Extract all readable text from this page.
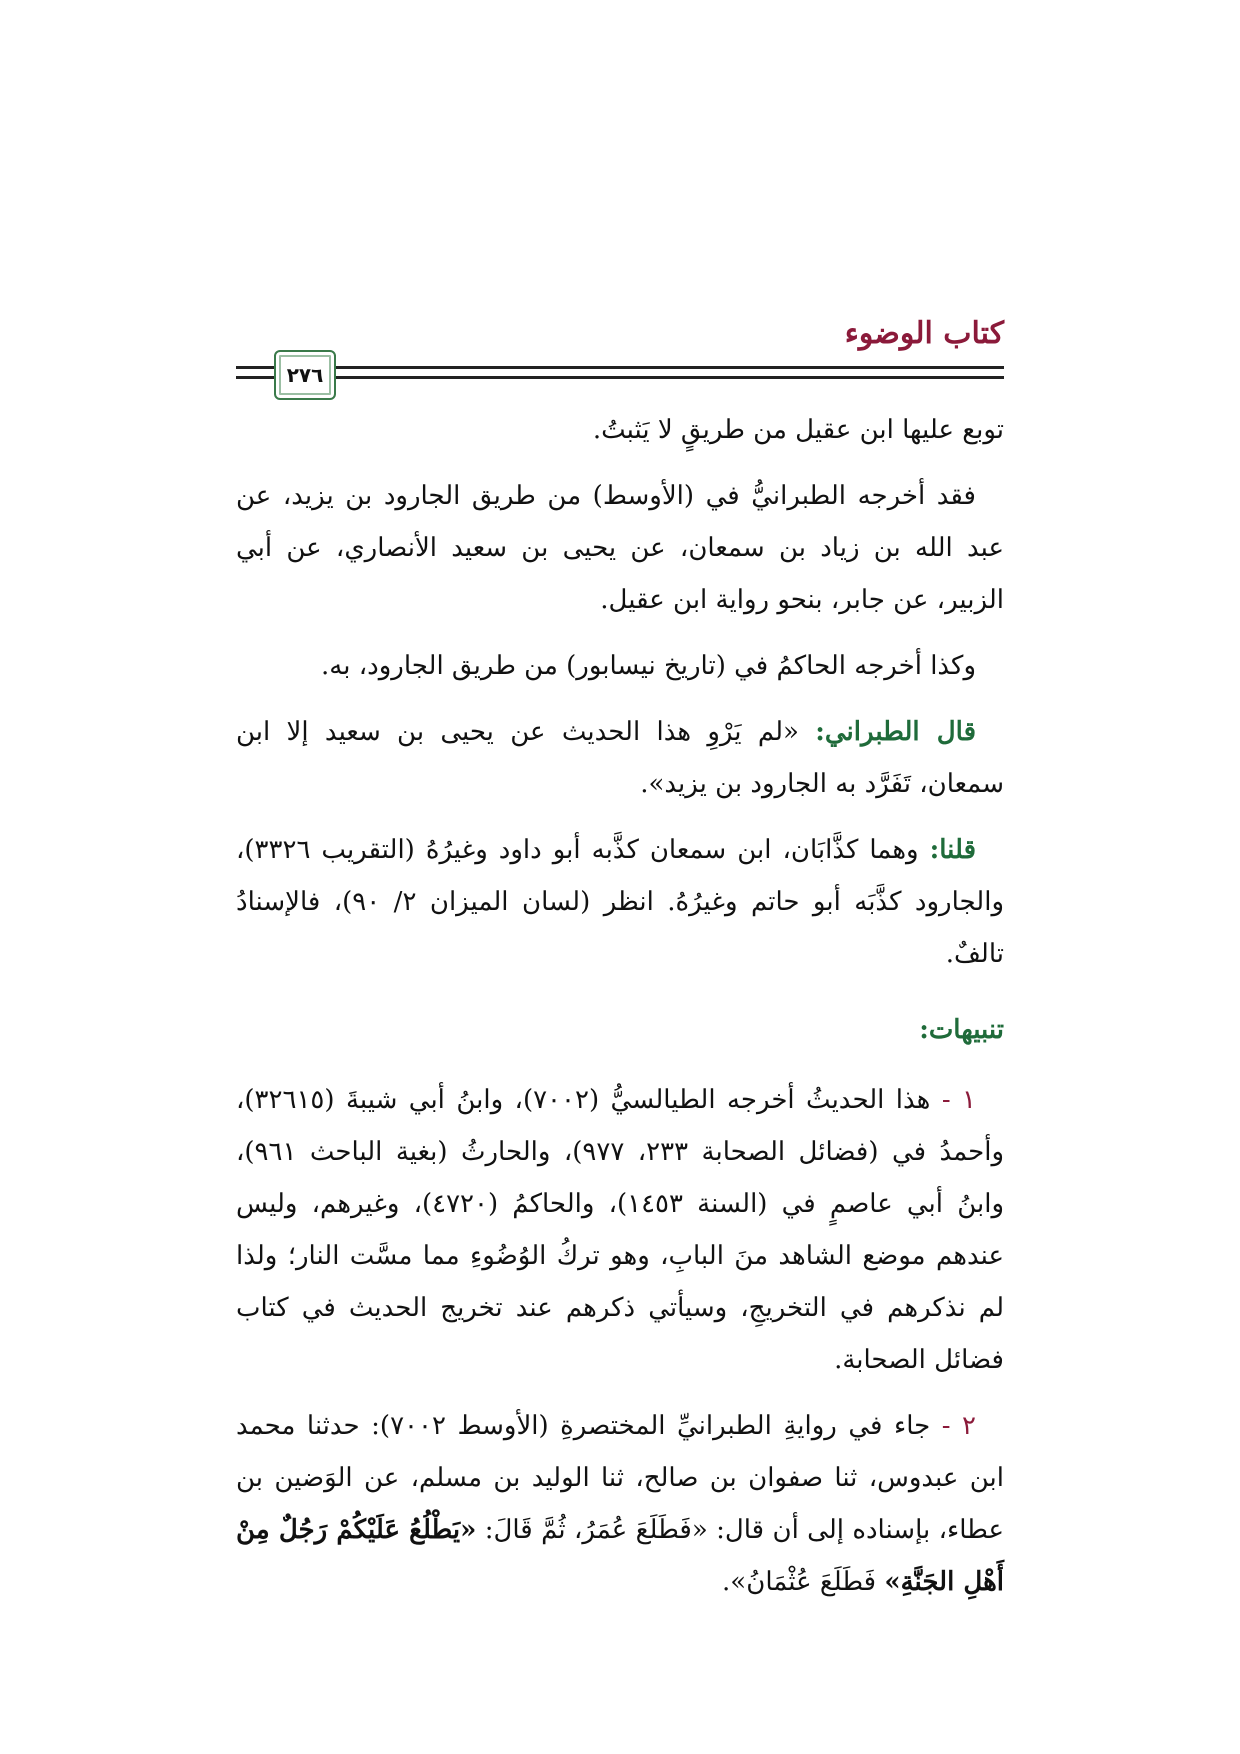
كتاب الوضوء
٢٧٦

توبع عليها ابن عقيل من طريقٍ لا يَثبتُ.

فقد أخرجه الطبرانيُّ في (الأوسط) من طريق الجارود بن يزيد، عن عبد الله بن زياد بن سمعان، عن يحيى بن سعيد الأنصاري، عن أبي الزبير، عن جابر، بنحو رواية ابن عقيل.

وكذا أخرجه الحاكمُ في (تاريخ نيسابور) من طريق الجارود، به.

قال الطبراني: «لم يَرْوِ هذا الحديث عن يحيى بن سعيد إلا ابن سمعان، تَفَرَّد به الجارود بن يزيد».

قلنا: وهما كذَّابَان، ابن سمعان كذَّبه أبو داود وغيرُهُ (التقريب ٣٣٢٦)، والجارود كذَّبَه أبو حاتم وغيرُهُ. انظر (لسان الميزان ٢/ ٩٠)، فالإسنادُ تالفٌ.

تنبيهات:

١ - هذا الحديثُ أخرجه الطيالسيُّ (٧٠٠٢)، وابنُ أبي شيبةَ (٣٢٦١٥)، وأحمدُ في (فضائل الصحابة ٢٣٣، ٩٧٧)، والحارثُ (بغية الباحث ٩٦١)، وابنُ أبي عاصمٍ في (السنة ١٤٥٣)، والحاكمُ (٤٧٢٠)، وغيرهم، وليس عندهم موضع الشاهد منَ البابِ، وهو تركُ الوُضُوءِ مما مسَّت النار؛ ولذا لم نذكرهم في التخريجِ، وسيأتي ذكرهم عند تخريج الحديث في كتاب فضائل الصحابة.

٢ - جاء في روايةِ الطبرانيِّ المختصرةِ (الأوسط ٧٠٠٢): حدثنا محمد ابن عبدوس، ثنا صفوان بن صالح، ثنا الوليد بن مسلم، عن الوَضين بن عطاء، بإسناده إلى أن قال: «فَطَلَعَ عُمَرُ، ثُمَّ قَالَ: «يَطْلُعُ عَلَيْكُمْ رَجُلٌ مِنْ أَهْلِ الجَنَّةِ» فَطَلَعَ عُثْمَانُ».
